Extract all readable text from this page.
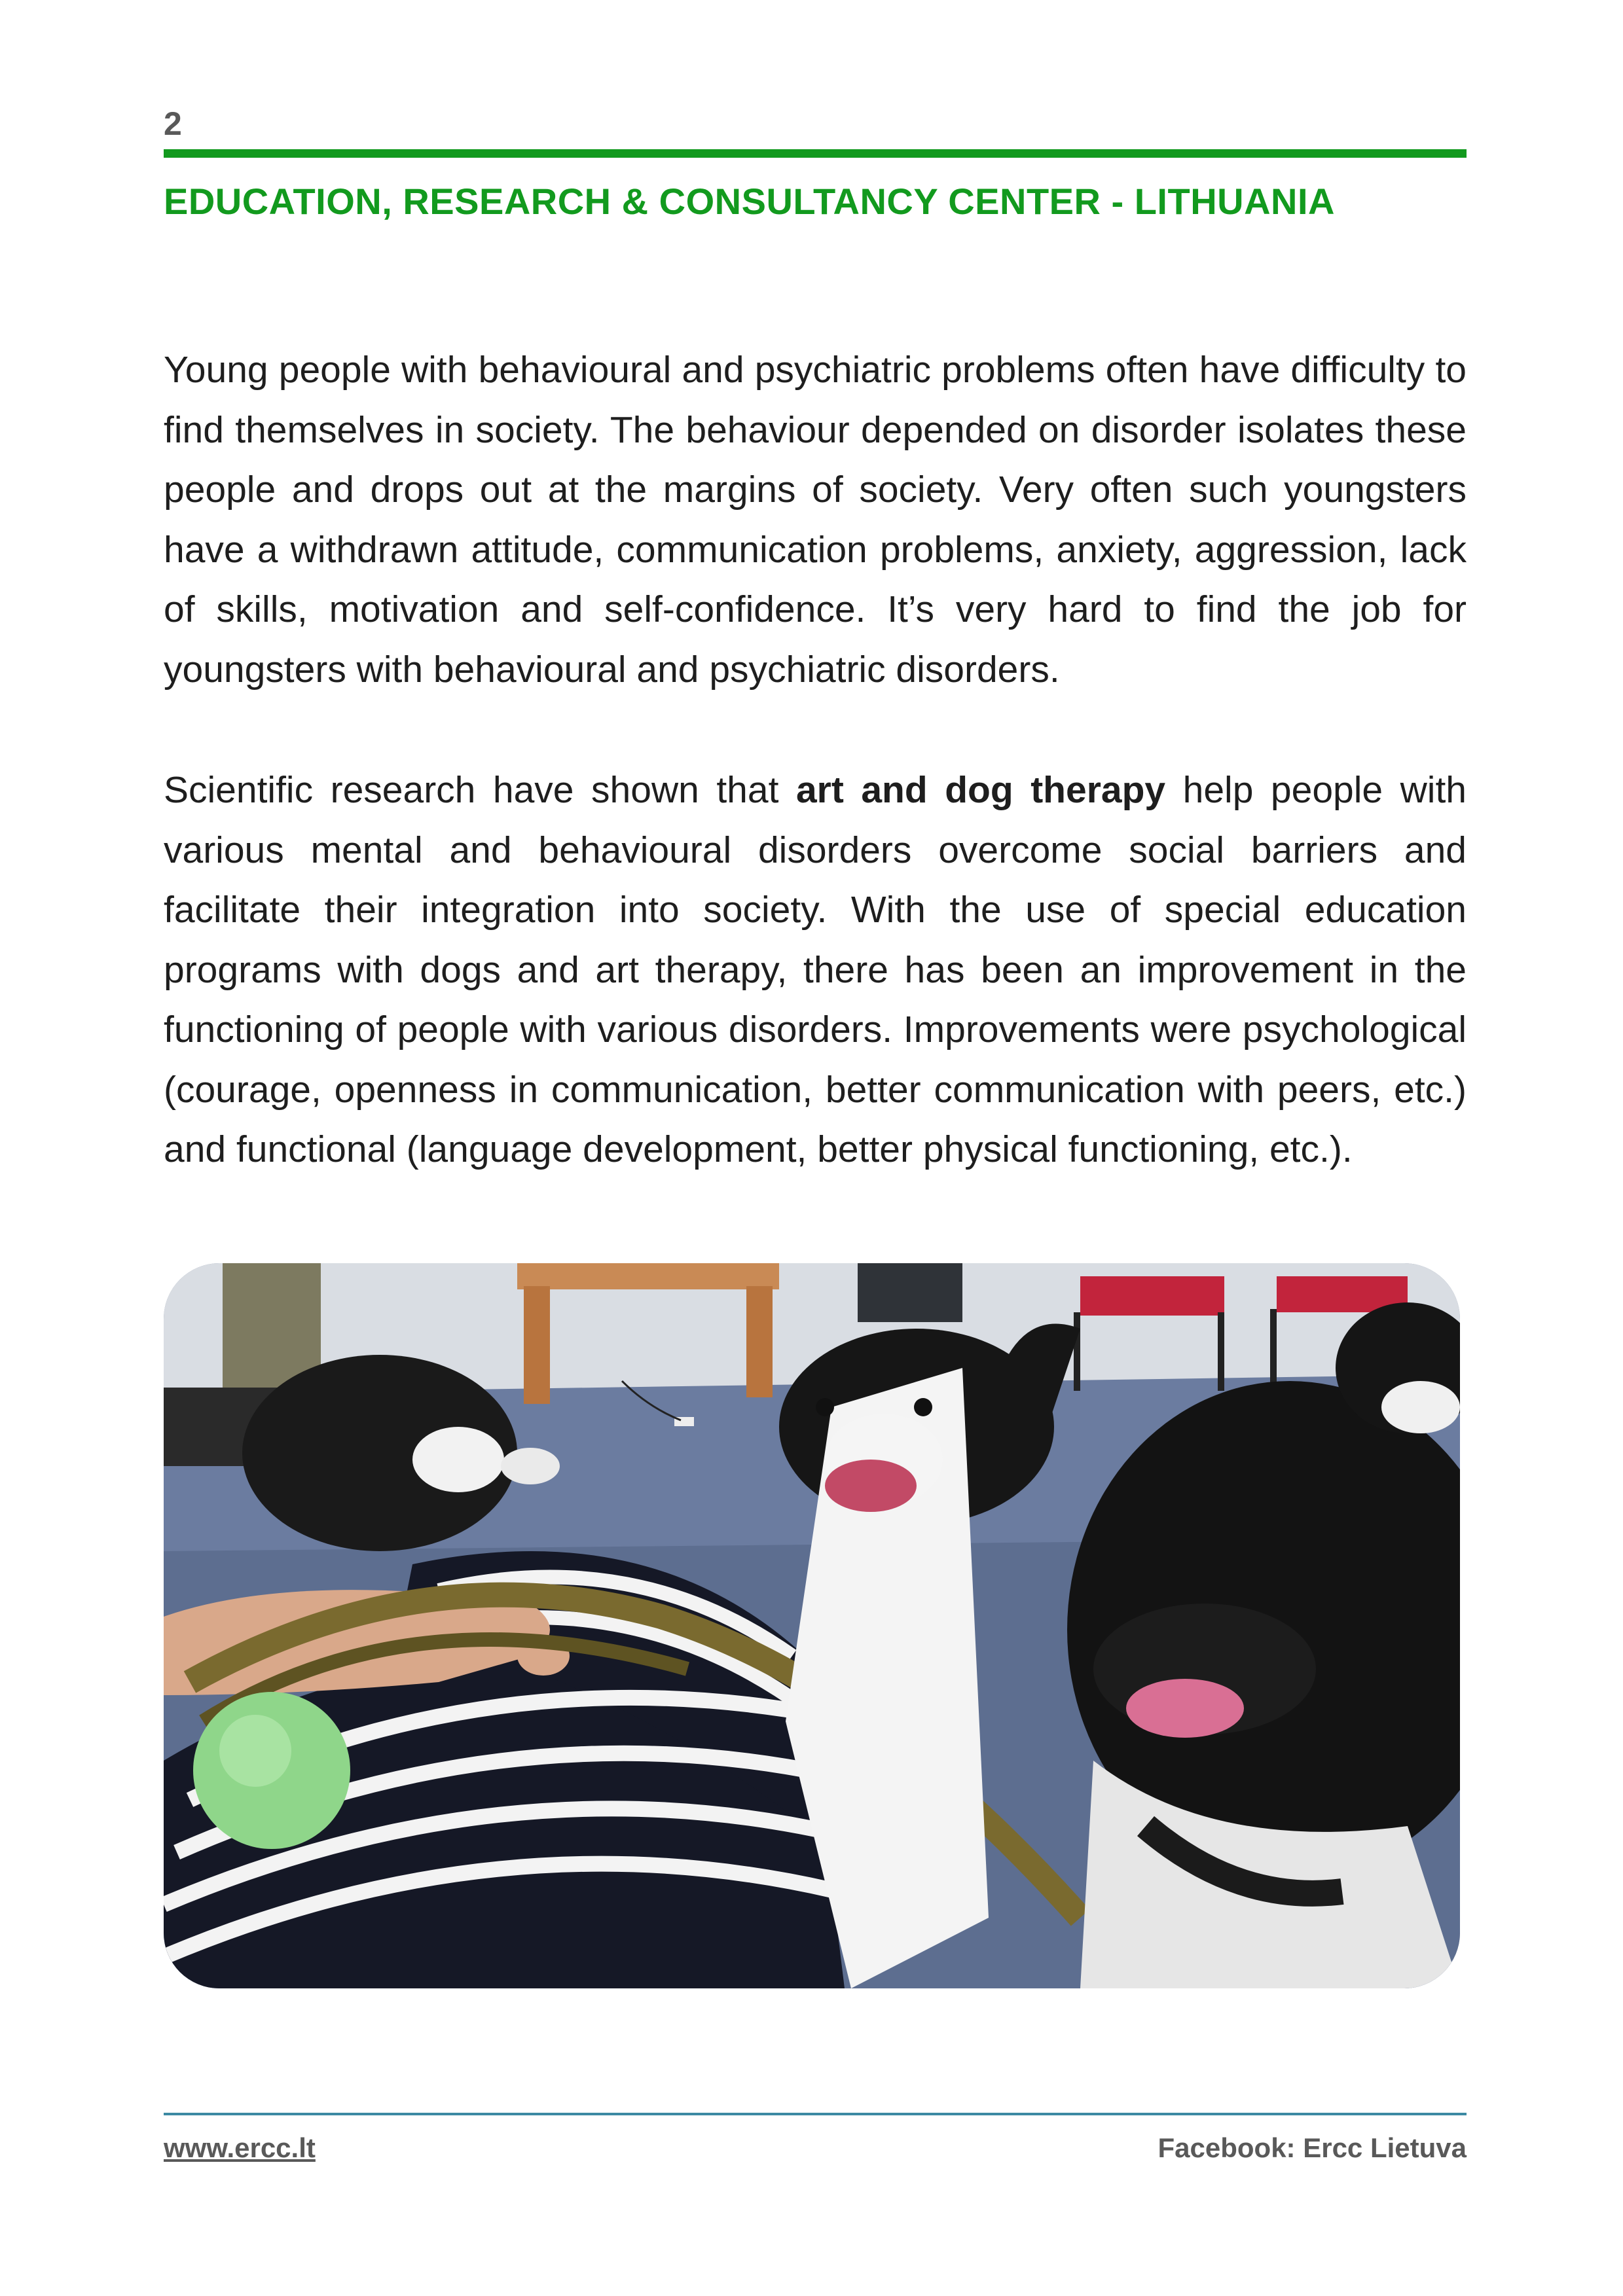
2
EDUCATION, RESEARCH & CONSULTANCY CENTER - LITHUANIA

Young people with behavioural and psychiatric problems often have difficulty to find themselves in society. The behaviour depended on disorder isolates these people and drops out at the margins of society. Very often such youngsters have a withdrawn attitude, communication problems, anxiety, aggression, lack of skills, motivation and self-confidence. It’s very hard to find the job for youngsters with behavioural and psychiatric disorders.

Scientific research have shown that art and dog therapy help people with various mental and behavioural disorders overcome social barriers and facilitate their integration into society. With the use of special education programs with dogs and art therapy, there has been an improvement in the functioning of people with various disorders. Improvements were psychological (courage, openness in communication, better communication with peers, etc.) and functional (language development, better physical functioning, etc.).

www.ercc.lt	Facebook: Ercc Lietuva
